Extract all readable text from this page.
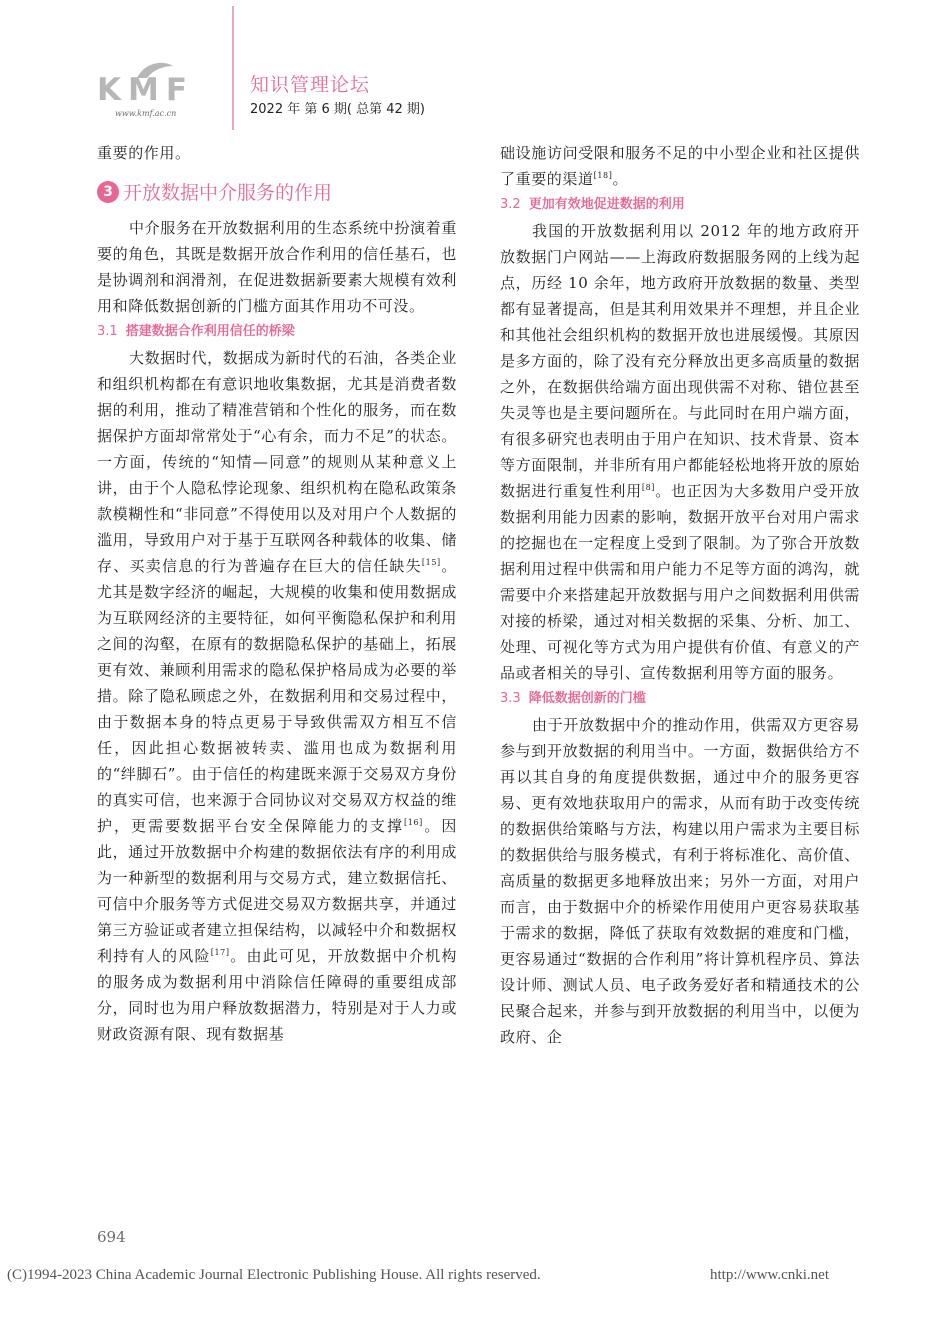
KMF
www.kmf.ac.cn
知识管理论坛
2022 年 第 6 期( 总第 42 期)

重要的作用。

3 开放数据中介服务的作用

中介服务在开放数据利用的生态系统中扮演着重要的角色，其既是数据开放合作利用的信任基石，也是协调剂和润滑剂，在促进数据新要素大规模有效利用和降低数据创新的门槛方面其作用功不可没。

3.1 搭建数据合作利用信任的桥梁

大数据时代，数据成为新时代的石油，各类企业和组织机构都在有意识地收集数据，尤其是消费者数据的利用，推动了精准营销和个性化的服务，而在数据保护方面却常常处于“心有余，而力不足”的状态。一方面，传统的“知情—同意”的规则从某种意义上讲，由于个人隐私悖论现象、组织机构在隐私政策条款模糊性和“非同意”不得使用以及对用户个人数据的滥用，导致用户对于基于互联网各种载体的收集、储存、买卖信息的行为普遍存在巨大的信任缺失[15]。尤其是数字经济的崛起，大规模的收集和使用数据成为互联网经济的主要特征，如何平衡隐私保护和利用之间的沟壑，在原有的数据隐私保护的基础上，拓展更有效、兼顾利用需求的隐私保护格局成为必要的举措。除了隐私顾虑之外，在数据利用和交易过程中，由于数据本身的特点更易于导致供需双方相互不信任，因此担心数据被转卖、滥用也成为数据利用的“绊脚石”。由于信任的构建既来源于交易双方身份的真实可信，也来源于合同协议对交易双方权益的维护，更需要数据平台安全保障能力的支撑[16]。因此，通过开放数据中介构建的数据依法有序的利用成为一种新型的数据利用与交易方式，建立数据信托、可信中介服务等方式促进交易双方数据共享，并通过第三方验证或者建立担保结构，以减轻中介和数据权利持有人的风险[17]。由此可见，开放数据中介机构的服务成为数据利用中消除信任障碍的重要组成部分，同时也为用户释放数据潜力，特别是对于人力或财政资源有限、现有数据基

础设施访问受限和服务不足的中小型企业和社区提供了重要的渠道[18]。

3.2 更加有效地促进数据的利用

我国的开放数据利用以 2012 年的地方政府开放数据门户网站——上海政府数据服务网的上线为起点，历经 10 余年，地方政府开放数据的数量、类型都有显著提高，但是其利用效果并不理想，并且企业和其他社会组织机构的数据开放也进展缓慢。其原因是多方面的，除了没有充分释放出更多高质量的数据之外，在数据供给端方面出现供需不对称、错位甚至失灵等也是主要问题所在。与此同时在用户端方面，有很多研究也表明由于用户在知识、技术背景、资本等方面限制，并非所有用户都能轻松地将开放的原始数据进行重复性利用[8]。也正因为大多数用户受开放数据利用能力因素的影响，数据开放平台对用户需求的挖掘也在一定程度上受到了限制。为了弥合开放数据利用过程中供需和用户能力不足等方面的鸿沟，就需要中介来搭建起开放数据与用户之间数据利用供需对接的桥梁，通过对相关数据的采集、分析、加工、处理、可视化等方式为用户提供有价值、有意义的产品或者相关的导引、宣传数据利用等方面的服务。

3.3 降低数据创新的门槛

由于开放数据中介的推动作用，供需双方更容易参与到开放数据的利用当中。一方面，数据供给方不再以其自身的角度提供数据，通过中介的服务更容易、更有效地获取用户的需求，从而有助于改变传统的数据供给策略与方法，构建以用户需求为主要目标的数据供给与服务模式，有利于将标准化、高价值、高质量的数据更多地释放出来；另外一方面，对用户而言，由于数据中介的桥梁作用使用户更容易获取基于需求的数据，降低了获取有效数据的难度和门槛，更容易通过“数据的合作利用”将计算机程序员、算法设计师、测试人员、电子政务爱好者和精通技术的公民聚合起来，并参与到开放数据的利用当中，以便为政府、企

694
(C)1994-2023 China Academic Journal Electronic Publishing House. All rights reserved.	http://www.cnki.net
